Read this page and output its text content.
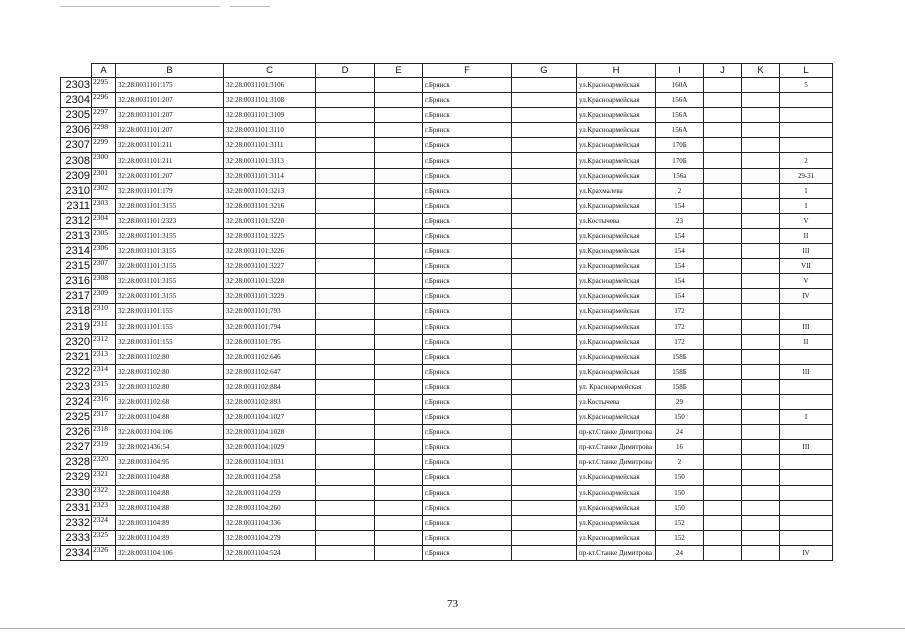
	A	B	C	D	E	F	G	H	I	J	K	L
2303	2295	32:28:0031101:175	32:28:0031101:3106			г.Брянск		ул.Красноармейская	160А			5
2304	2296	32:28:0031101:207	32:28:0031101:3108			г.Брянск		ул.Красноармейская	156А			
2305	2297	32:28:0031101:207	32:28:0031101:3109			г.Брянск		ул.Красноармейская	156А			
2306	2298	32:28:0031101:207	32:28:0031101:3110			г.Брянск		ул.Красноармейская	156А			
2307	2299	32:28:0031101:211	32:28:0031101:3111			г.Брянск		ул.Красноармейская	170Б			
2308	2300	32:28:0031101:211	32:28:0031101:3113			г.Брянск		ул.Красноармейская	170Б			2
2309	2301	32:28:0031101:207	32:28:0031101:3114			г.Брянск		ул.Красноармейская	156а			29-31
2310	2302	32:28:0031101:179	32:28:0031101:3213			г.Брянск		ул.Крахмалева	2			I
2311	2303	32:28:0031101:3155	32:28:0031101:3216			г.Брянск		ул.Красноармейская	154			I
2312	2304	32:28:0031101:2323	32:28:0031101:3220			г.Брянск		ул.Костычева	23			V
2313	2305	32:28:0031101:3155	32:28:0031101:3225			г.Брянск		ул.Красноармейская	154			II
2314	2306	32:28:0031101:3155	32:28:0031101:3226			г.Брянск		ул.Красноармейская	154			III
2315	2307	32:28:0031101:3155	32:28:0031101:3227			г.Брянск		ул.Красноармейская	154			VII
2316	2308	32:28:0031101:3155	32:28:0031101:3228			г.Брянск		ул.Красноармейская	154			V
2317	2309	32:28:0031101:3155	32:28:0031101:3229			г.Брянск		ул.Красноармейская	154			IV
2318	2310	32:28:0031101:155	32:28:0031101:793			г.Брянск		ул.Красноармейская	172			
2319	2311	32:28:0031101:155	32:28:0031101:794			г.Брянск		ул.Красноармейская	172			III
2320	2312	32:28:0031101:155	32:28:0031101:795			г.Брянск		ул.Красноармейская	172			II
2321	2313	32:28:0031102:80	32:28:0031102:646			г.Брянск		ул.Красноармейская	158Б			
2322	2314	32:28:0031102:80	32:28:0031102:647			г.Брянск		ул.Красноармейская	158Б			III
2323	2315	32:28:0031102:80	32:28:0031102:884			г.Брянск		ул. Красноармейская	158Б			
2324	2316	32:28:0031102:68	32:28:0031102:893			г.Брянск		ул.Костычева	29			
2325	2317	32:28:0031104:88	32:28:0031104:1027			г.Брянск		ул.Красноармейская	150			I
2326	2318	32:28:0031104:106	32:28:0031104:1028			г.Брянск		пр-кт.Станке Димитрова	24			
2327	2319	32:28:0021436:54	32:28:0031104:1029			г.Брянск		пр-кт.Станке Димитрова	16			III
2328	2320	32:28:0031104:95	32:28:0031104:1031			г.Брянск		пр-кт.Станке Димитрова	2			
2329	2321	32:28:0031104:88	32:28:0031104:258			г.Брянск		ул.Красноармейская	150			
2330	2322	32:28:0031104:88	32:28:0031104:259			г.Брянск		ул.Красноармейская	150			
2331	2323	32:28:0031104:88	32:28:0031104:260			г.Брянск		ул.Красноармейская	150			
2332	2324	32:28:0031104:89	32:28:0031104:336			г.Брянск		ул.Красноармейская	152			
2333	2325	32:28:0031104:89	32:28:0031104:279			г.Брянск		ул.Красноармейская	152			
2334	2326	32:28:0031104:106	32:28:0031104:524			г.Брянск		пр-кт.Станке Димитрова	24			IV
73
